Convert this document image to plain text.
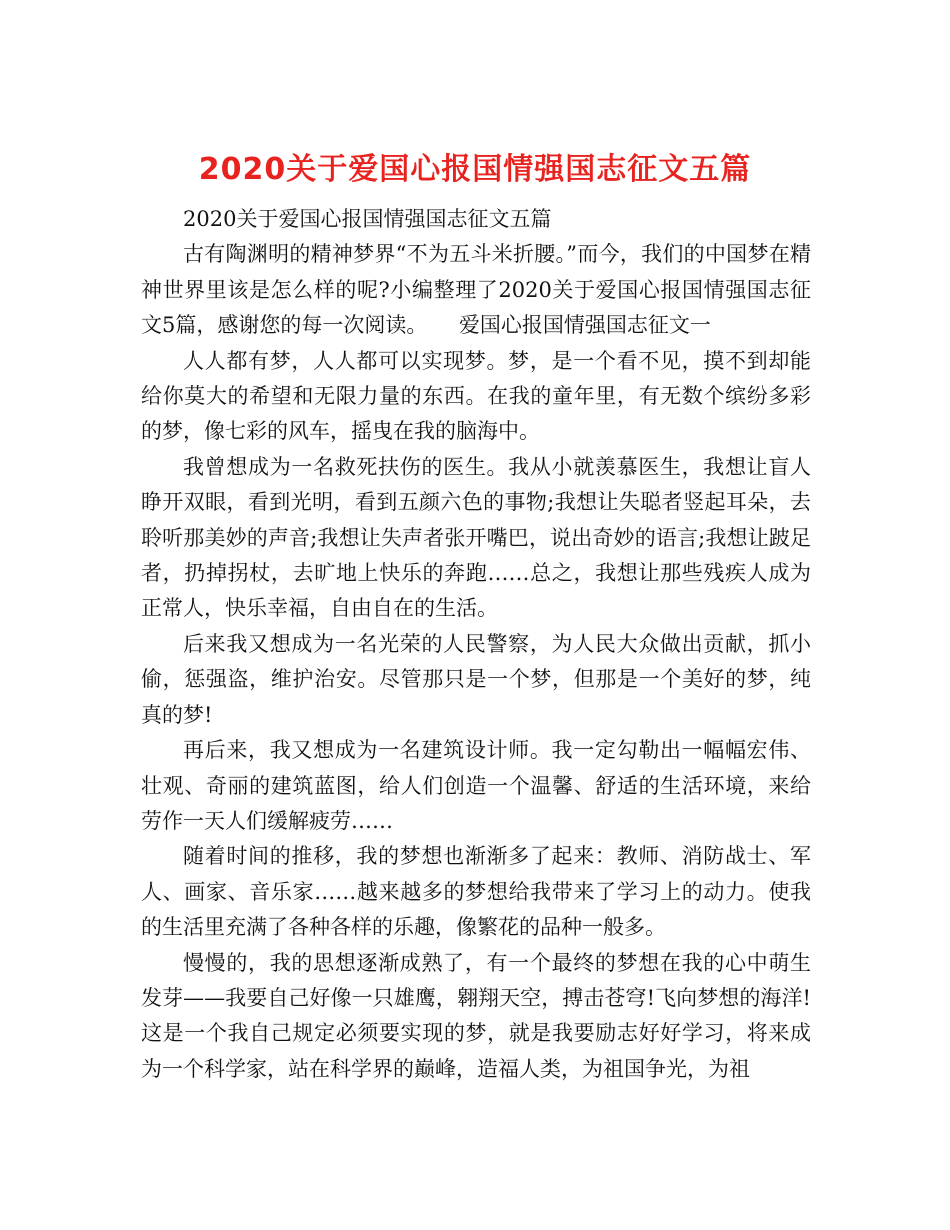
2020关于爱国心报国情强国志征文五篇

2020关于爱国心报国情强国志征文五篇

古有陶渊明的精神梦界“不为五斗米折腰。”而今，我们的中国梦在精神世界里该是怎么样的呢?小编整理了2020关于爱国心报国情强国志征文5篇，感谢您的每一次阅读。　　爱国心报国情强国志征文一

人人都有梦，人人都可以实现梦。梦，是一个看不见，摸不到却能给你莫大的希望和无限力量的东西。在我的童年里，有无数个缤纷多彩的梦，像七彩的风车，摇曳在我的脑海中。

我曾想成为一名救死扶伤的医生。我从小就羡慕医生，我想让盲人睁开双眼，看到光明，看到五颜六色的事物;我想让失聪者竖起耳朵，去聆听那美妙的声音;我想让失声者张开嘴巴，说出奇妙的语言;我想让跛足者，扔掉拐杖，去旷地上快乐的奔跑……总之，我想让那些残疾人成为正常人，快乐幸福，自由自在的生活。

后来我又想成为一名光荣的人民警察，为人民大众做出贡献，抓小偷，惩强盗，维护治安。尽管那只是一个梦，但那是一个美好的梦，纯真的梦!

再后来，我又想成为一名建筑设计师。我一定勾勒出一幅幅宏伟、壮观、奇丽的建筑蓝图，给人们创造一个温馨、舒适的生活环境，来给劳作一天人们缓解疲劳……

随着时间的推移，我的梦想也渐渐多了起来：教师、消防战士、军人、画家、音乐家……越来越多的梦想给我带来了学习上的动力。使我的生活里充满了各种各样的乐趣，像繁花的品种一般多。

慢慢的，我的思想逐渐成熟了，有一个最终的梦想在我的心中萌生发芽——我要自己好像一只雄鹰，翱翔天空，搏击苍穹!飞向梦想的海洋!这是一个我自己规定必须要实现的梦，就是我要励志好好学习，将来成为一个科学家，站在科学界的巅峰，造福人类，为祖国争光，为祖
